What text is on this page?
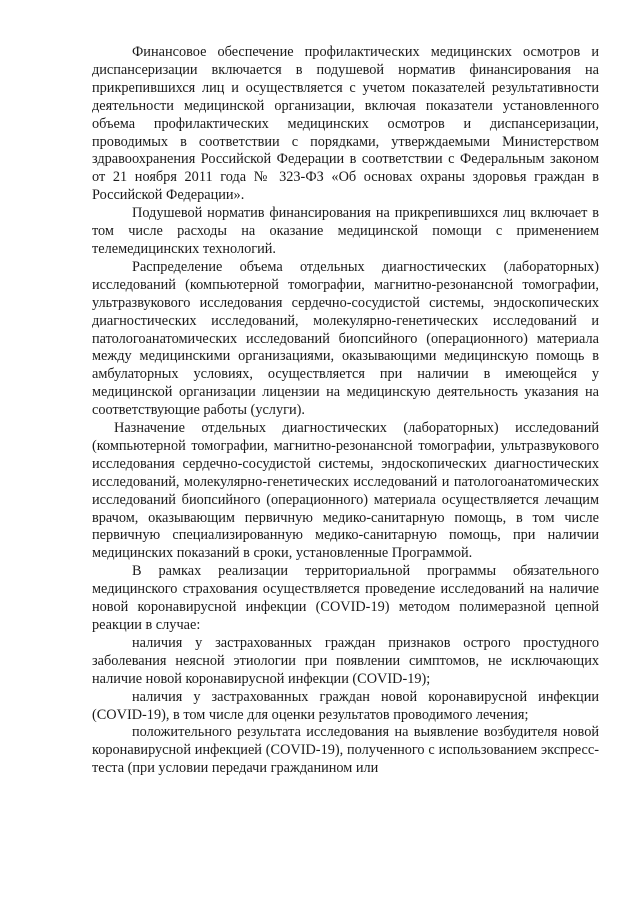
Финансовое обеспечение профилактических медицинских осмотров и диспансеризации включается в подушевой норматив финансирования на прикрепившихся лиц и осуществляется с учетом показателей результативности деятельности медицинской организации, включая показатели установленного объема профилактических медицинских осмотров и диспансеризации, проводимых в соответствии с порядками, утверждаемыми Министерством здравоохранения Российской Федерации в соответствии с Федеральным законом от 21 ноября 2011 года № 323-ФЗ «Об основах охраны здоровья граждан в Российской Федерации».

Подушевой норматив финансирования на прикрепившихся лиц включает в том числе расходы на оказание медицинской помощи с применением телемедицинских технологий.

Распределение объема отдельных диагностических (лабораторных) исследований (компьютерной томографии, магнитно-резонансной томографии, ультразвукового исследования сердечно-сосудистой системы, эндоскопических диагностических исследований, молекулярно-генетических исследований и патологоанатомических исследований биопсийного (операционного) материала между медицинскими организациями, оказывающими медицинскую помощь в амбулаторных условиях, осуществляется при наличии в имеющейся у медицинской организации лицензии на медицинскую деятельность указания на соответствующие работы (услуги).

Назначение отдельных диагностических (лабораторных) исследований (компьютерной томографии, магнитно-резонансной томографии, ультразвукового исследования сердечно-сосудистой системы, эндоскопических диагностических исследований, молекулярно-генетических исследований и патологоанатомических исследований биопсийного (операционного) материала осуществляется лечащим врачом, оказывающим первичную медико-санитарную помощь, в том числе первичную специализированную медико-санитарную помощь, при наличии медицинских показаний в сроки, установленные Программой.

В рамках реализации территориальной программы обязательного медицинского страхования осуществляется проведение исследований на наличие новой коронавирусной инфекции (COVID-19) методом полимеразной цепной реакции в случае:

наличия у застрахованных граждан признаков острого простудного заболевания неясной этиологии при появлении симптомов, не исключающих наличие новой коронавирусной инфекции (COVID-19);

наличия у застрахованных граждан новой коронавирусной инфекции (COVID-19), в том числе для оценки результатов проводимого лечения;

положительного результата исследования на выявление возбудителя новой коронавирусной инфекцией (COVID-19), полученного с использованием экспресс-теста (при условии передачи гражданином или
